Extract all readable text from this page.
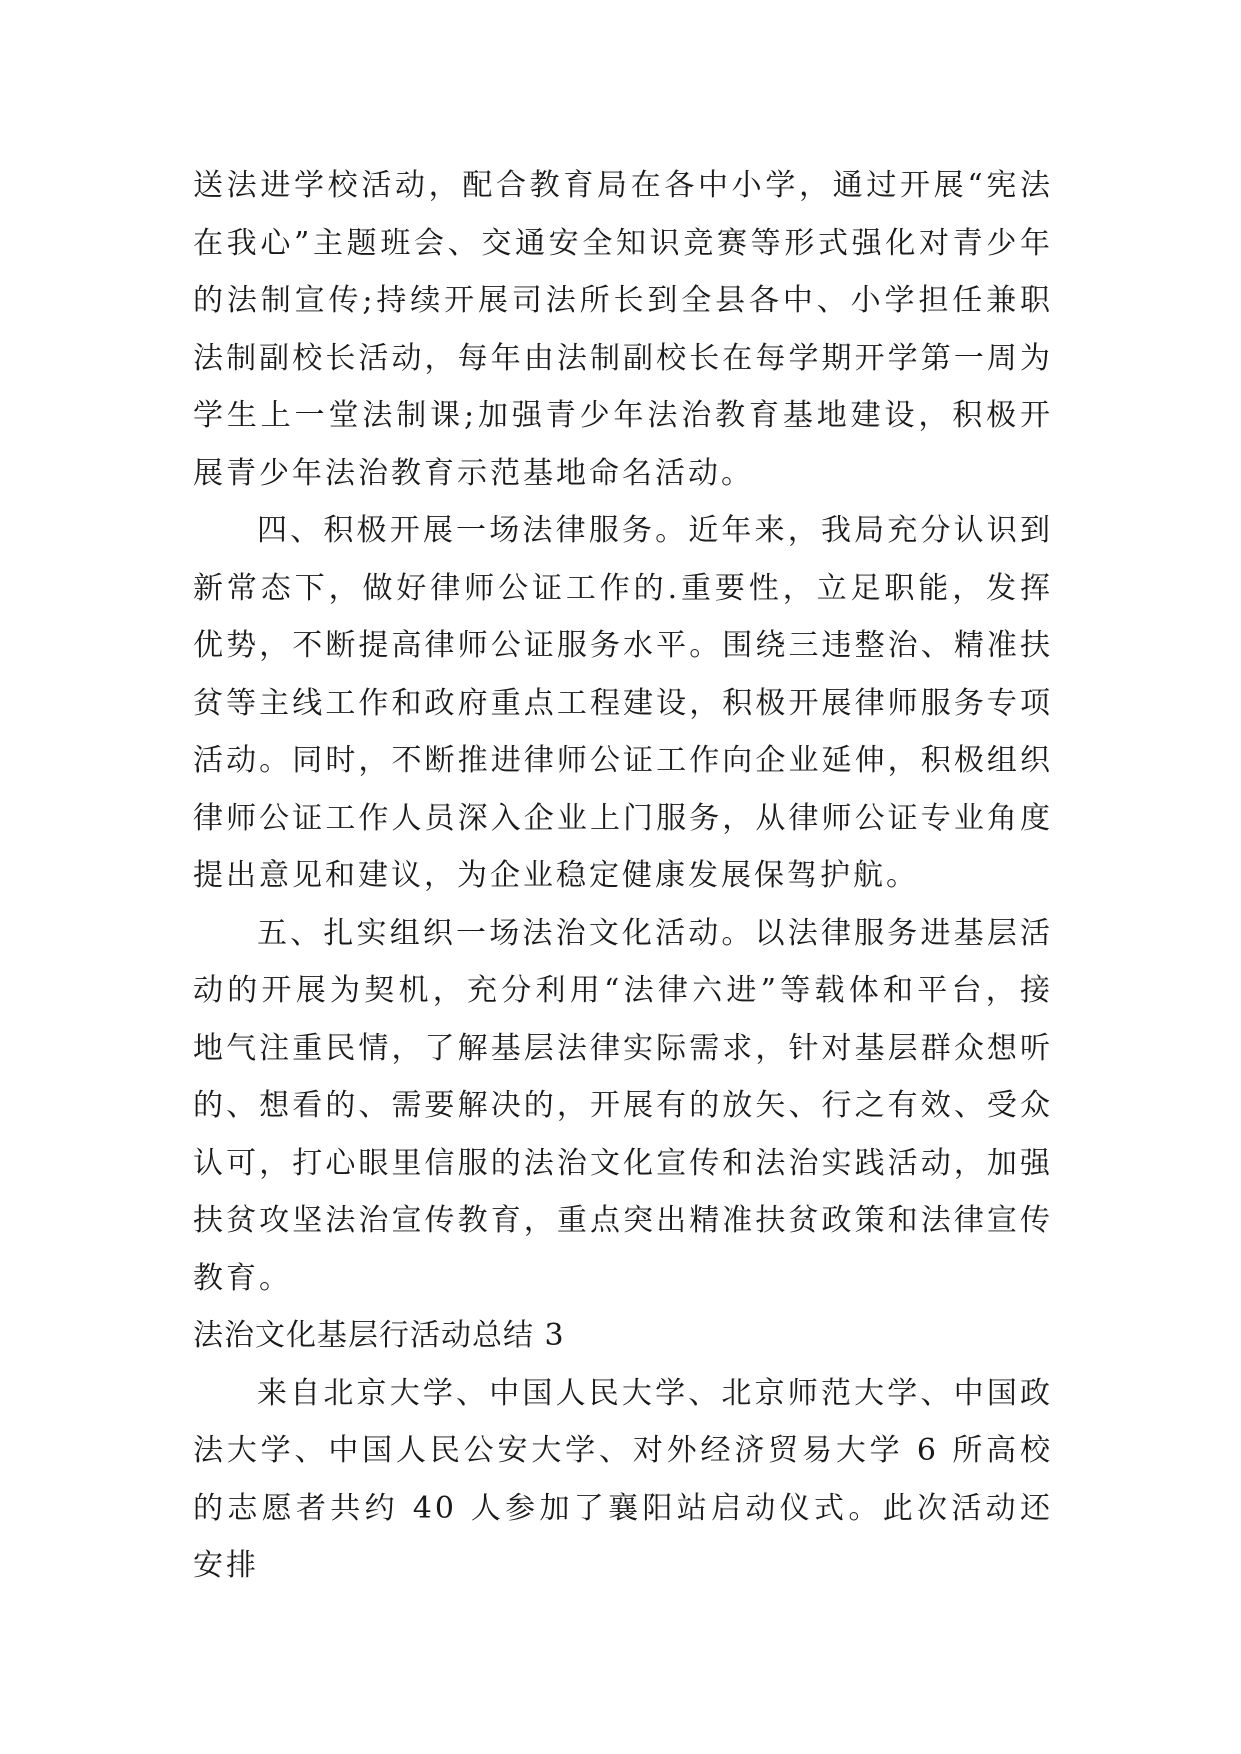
送法进学校活动，配合教育局在各中小学，通过开展“宪法在我心”主题班会、交通安全知识竞赛等形式强化对青少年的法制宣传;持续开展司法所长到全县各中、小学担任兼职法制副校长活动，每年由法制副校长在每学期开学第一周为学生上一堂法制课;加强青少年法治教育基地建设，积极开展青少年法治教育示范基地命名活动。

四、积极开展一场法律服务。近年来，我局充分认识到新常态下，做好律师公证工作的.重要性，立足职能，发挥优势，不断提高律师公证服务水平。围绕三违整治、精准扶贫等主线工作和政府重点工程建设，积极开展律师服务专项活动。同时，不断推进律师公证工作向企业延伸，积极组织律师公证工作人员深入企业上门服务，从律师公证专业角度提出意见和建议，为企业稳定健康发展保驾护航。

五、扎实组织一场法治文化活动。以法律服务进基层活动的开展为契机，充分利用“法律六进”等载体和平台，接地气注重民情，了解基层法律实际需求，针对基层群众想听的、想看的、需要解决的，开展有的放矢、行之有效、受众认可，打心眼里信服的法治文化宣传和法治实践活动，加强扶贫攻坚法治宣传教育，重点突出精准扶贫政策和法律宣传教育。

法治文化基层行活动总结 3

来自北京大学、中国人民大学、北京师范大学、中国政法大学、中国人民公安大学、对外经济贸易大学 6 所高校的志愿者共约 40 人参加了襄阳站启动仪式。此次活动还安排
